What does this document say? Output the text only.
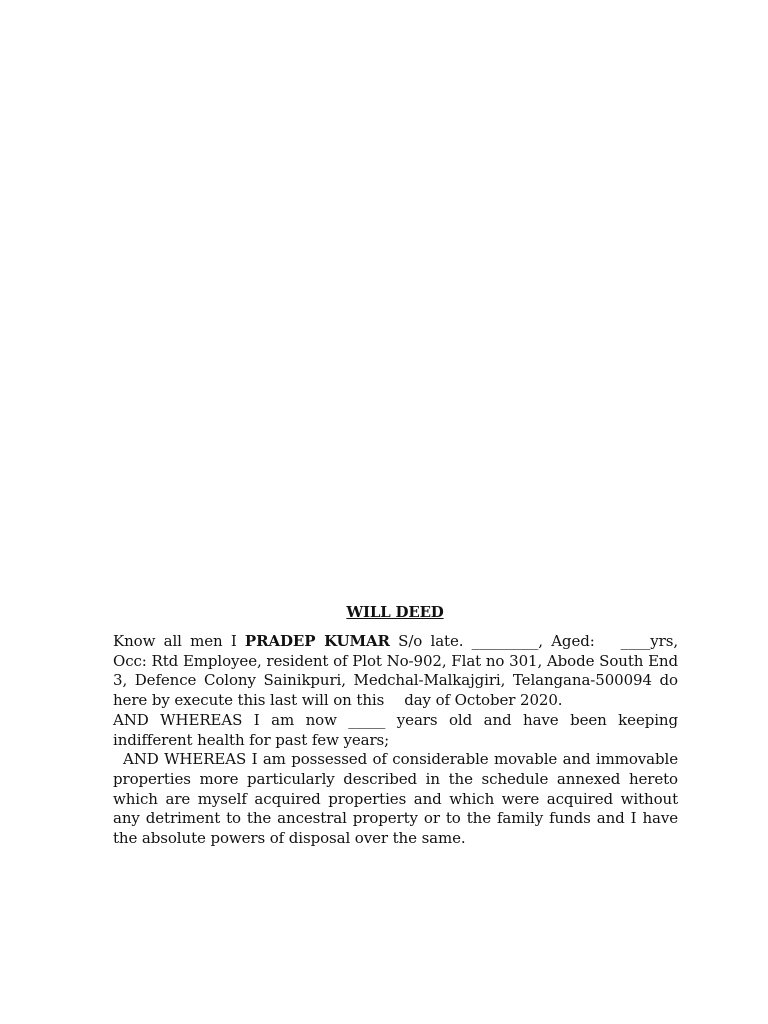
WILL DEED

Know all men I PRADEP KUMAR S/o late. _________, Aged: ____yrs, Occ: Rtd Employee, resident of Plot No-902, Flat no 301, Abode South End 3, Defence Colony Sainikpuri, Medchal-Malkajgiri, Telangana-500094 do here by execute this last will on this day of October 2020.

AND WHEREAS I am now _____ years old and have been keeping indifferent health for past few years;

AND WHEREAS I am possessed of considerable movable and immovable properties more particularly described in the schedule annexed hereto which are myself acquired properties and which were acquired without any detriment to the ancestral property or to the family funds and I have the absolute powers of disposal over the same.
